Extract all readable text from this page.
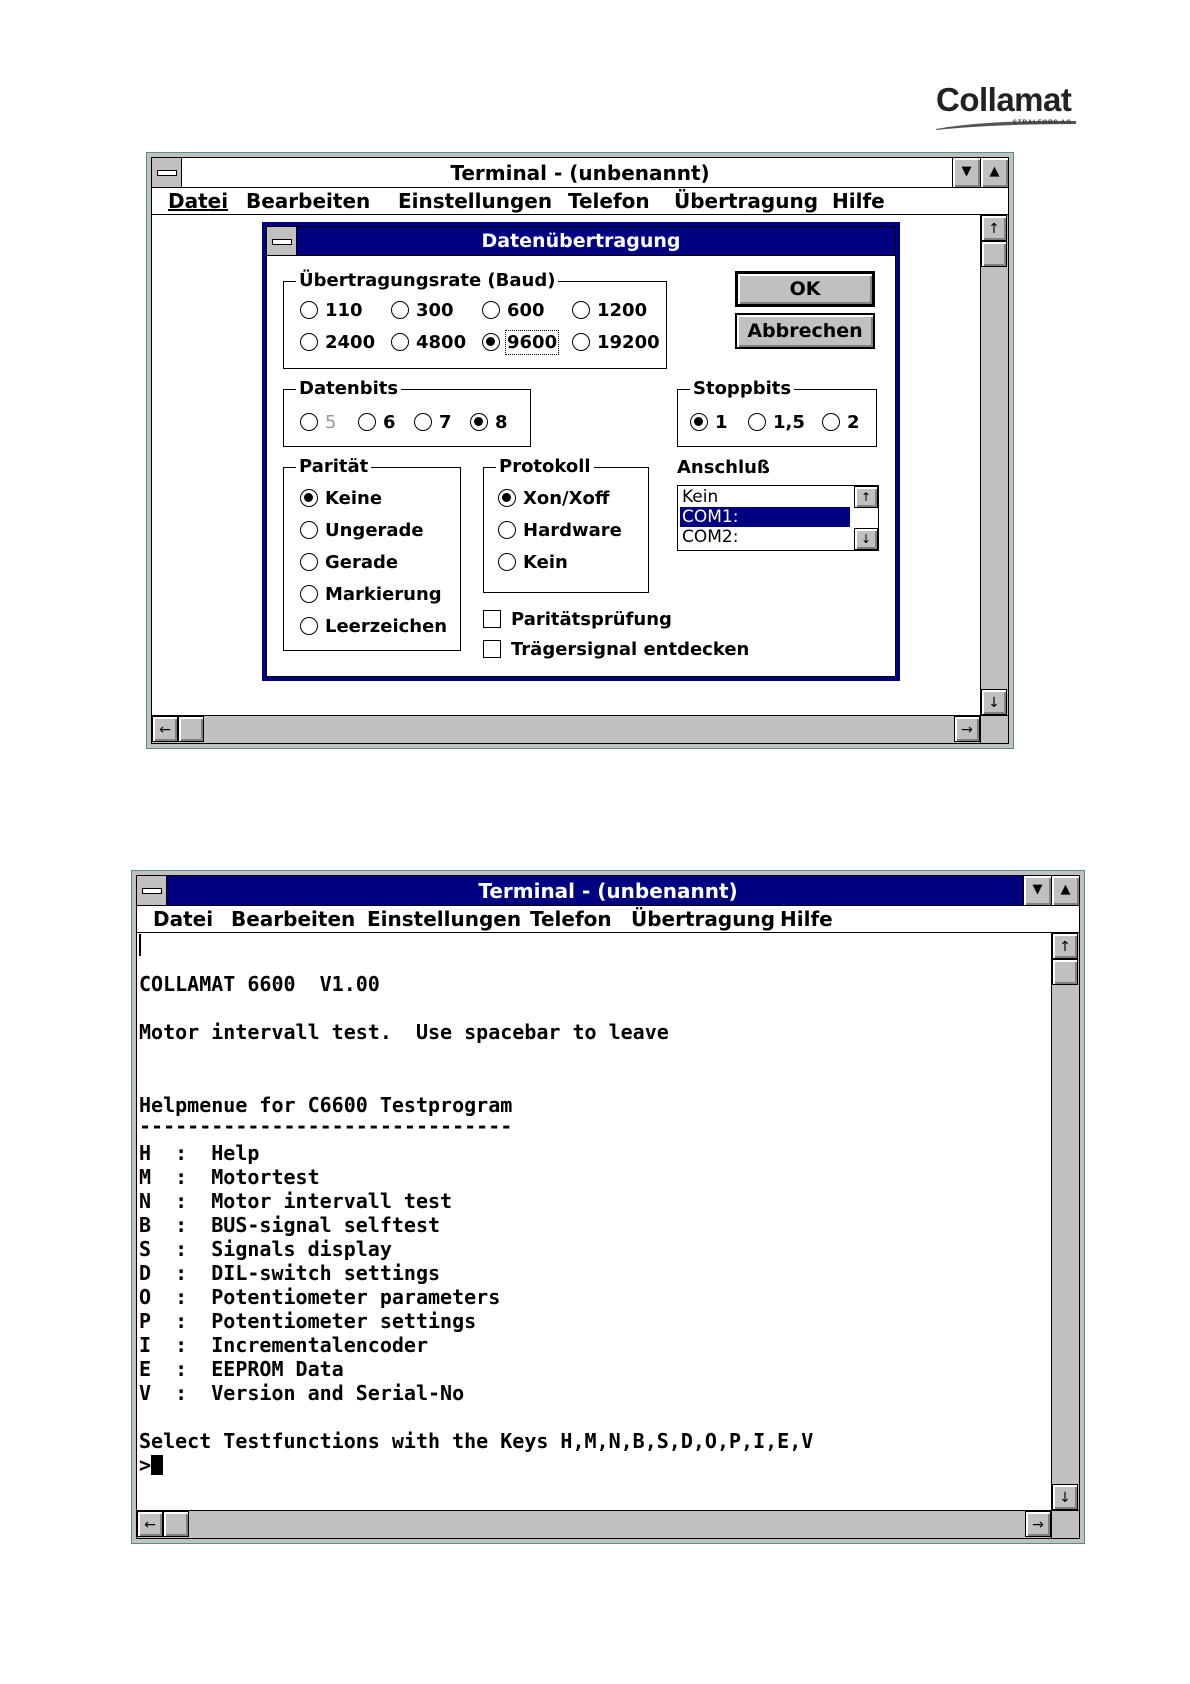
Collamat
STRALFORS AG
Terminal - (unbenannt)	▼	▲
Datei Bearbeiten Einstellungen Telefon Übertragung Hilfe
↑
↓
←	→
Datenübertragung
Übertragungsrate (Baud)
110	300	600	1200
2400	4800	9600	19200
OK
Abbrechen
Datenbits
5	6	7	8
Stoppbits
1	1,5	2
Parität
Keine
Ungerade
Gerade
Markierung
Leerzeichen
Protokoll
Xon/Xoff
Hardware
Kein
Paritätsprüfung
Trägersignal entdecken
Anschluß
Kein
COM1:
COM2:
↑
↓
Terminal - (unbenannt)	▼	▲
Datei Bearbeiten Einstellungen Telefon Übertragung Hilfe
COLLAMAT 6600  V1.00
Motor intervall test.  Use spacebar to leave
Helpmenue for C6600 Testprogram
-------------------------------
H  :  Help
M  :  Motortest
N  :  Motor intervall test
B  :  BUS-signal selftest
S  :  Signals display
D  :  DIL-switch settings
O  :  Potentiometer parameters
P  :  Potentiometer settings
I  :  Incrementalencoder
E  :  EEPROM Data
V  :  Version and Serial-No
Select Testfunctions with the Keys H,M,N,B,S,D,O,P,I,E,V
>
↑
↓
←	→
